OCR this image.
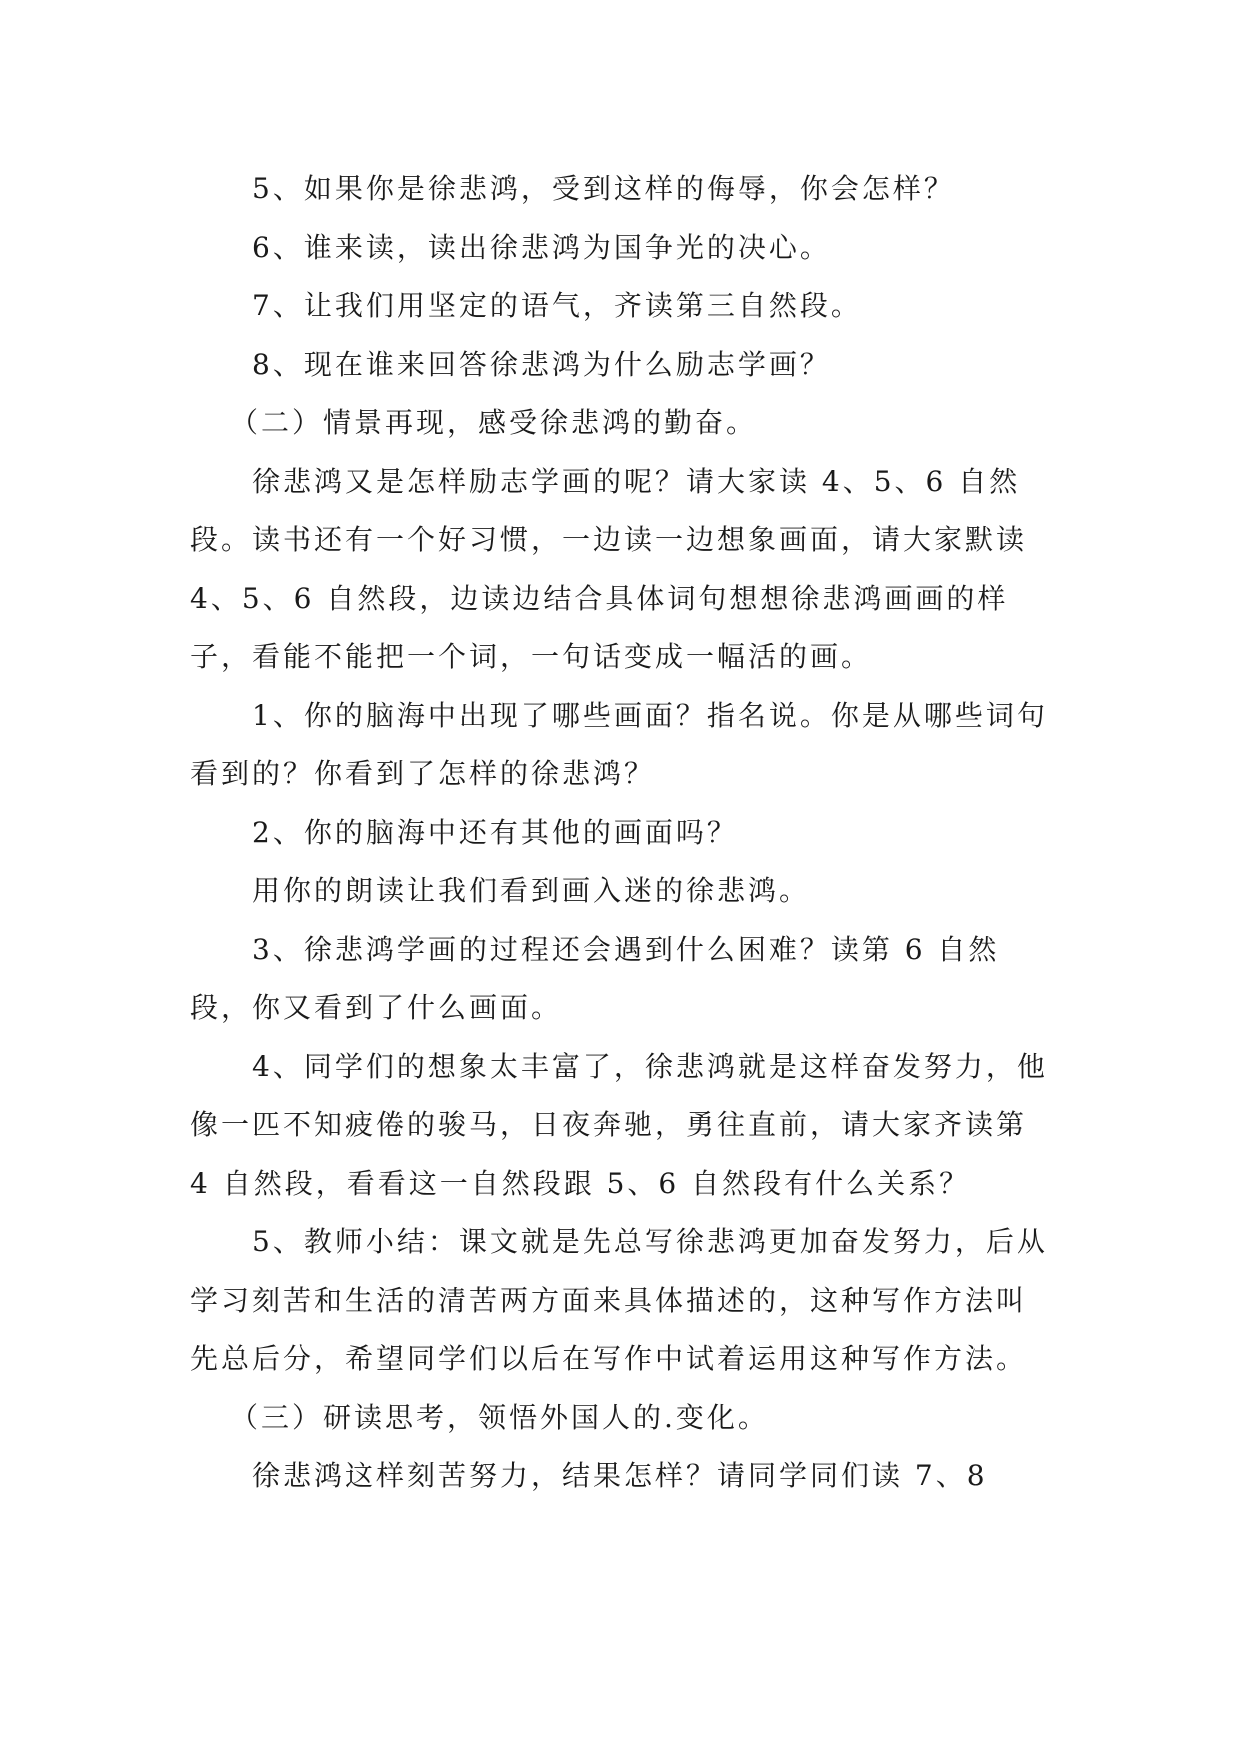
5、如果你是徐悲鸿，受到这样的侮辱，你会怎样？

6、谁来读，读出徐悲鸿为国争光的决心。

7、让我们用坚定的语气，齐读第三自然段。

8、现在谁来回答徐悲鸿为什么励志学画？

（二）情景再现，感受徐悲鸿的勤奋。

徐悲鸿又是怎样励志学画的呢？请大家读 4、5、6 自然段。读书还有一个好习惯，一边读一边想象画面，请大家默读 4、5、6 自然段，边读边结合具体词句想想徐悲鸿画画的样子，看能不能把一个词，一句话变成一幅活的画。

1、你的脑海中出现了哪些画面？指名说。你是从哪些词句看到的？你看到了怎样的徐悲鸿？

2、你的脑海中还有其他的画面吗？

用你的朗读让我们看到画入迷的徐悲鸿。

3、徐悲鸿学画的过程还会遇到什么困难？读第 6 自然段，你又看到了什么画面。

4、同学们的想象太丰富了，徐悲鸿就是这样奋发努力，他像一匹不知疲倦的骏马，日夜奔驰，勇往直前，请大家齐读第 4 自然段，看看这一自然段跟 5、6 自然段有什么关系？

5、教师小结：课文就是先总写徐悲鸿更加奋发努力，后从学习刻苦和生活的清苦两方面来具体描述的，这种写作方法叫先总后分，希望同学们以后在写作中试着运用这种写作方法。

（三）研读思考，领悟外国人的.变化。

徐悲鸿这样刻苦努力，结果怎样？请同学同们读 7、8
